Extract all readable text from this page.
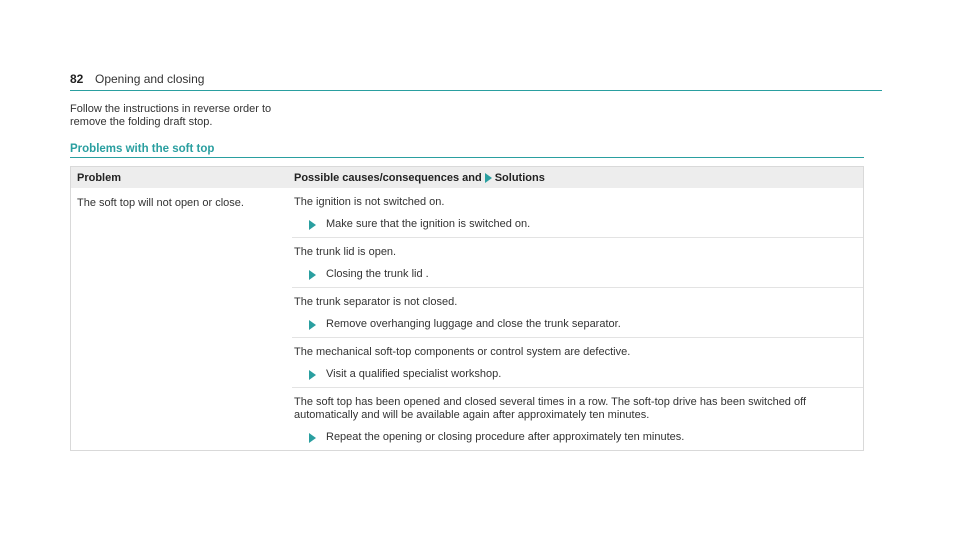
82 Opening and closing
Follow the instructions in reverse order to
remove the folding draft stop.
Problems with the soft top
Problem	Possible causes/consequences and Solutions
The soft top will not open or close.	The ignition is not switched on.
Make sure that the ignition is switched on.
The trunk lid is open.
Closing the trunk lid .
The trunk separator is not closed.
Remove overhanging luggage and close the trunk separator.
The mechanical soft-top components or control system are defective.
Visit a qualified specialist workshop.
The soft top has been opened and closed several times in a row. The soft-top drive has been switched off
automatically and will be available again after approximately ten minutes.
Repeat the opening or closing procedure after approximately ten minutes.
